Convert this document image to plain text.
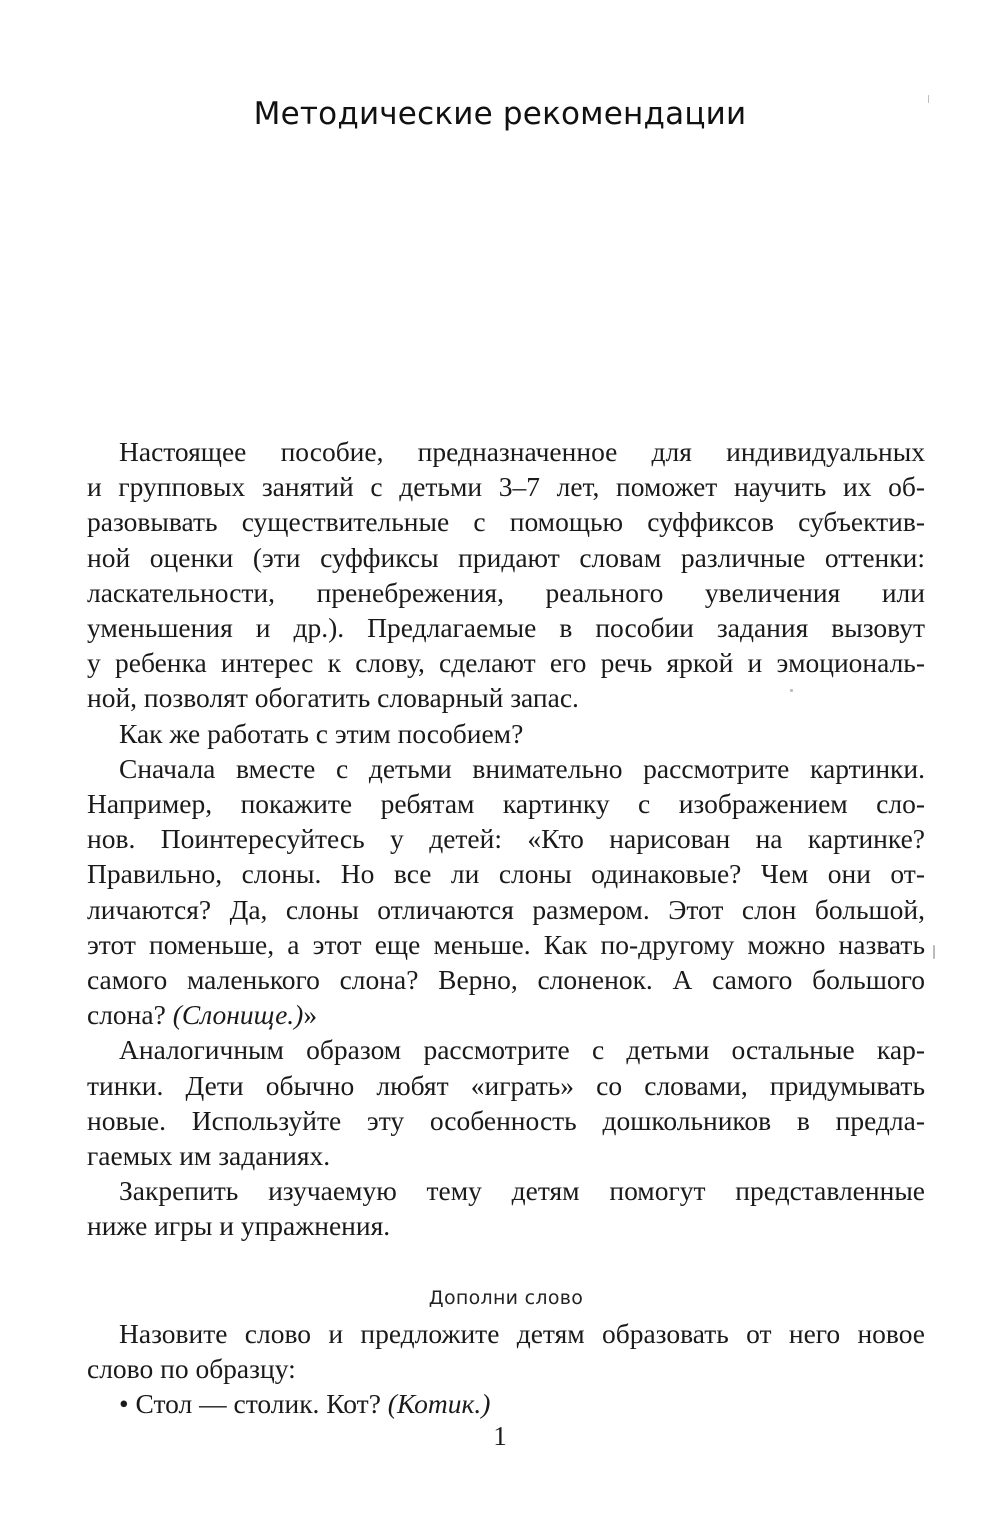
Методические рекомендации
Настоящее пособие, предназначенное для индивидуальных
и групповых занятий с детьми 3–7 лет, поможет научить их об-
разовывать существительные с помощью суффиксов субъектив-
ной оценки (эти суффиксы придают словам различные оттенки:
ласкательности, пренебрежения, реального увеличения или
уменьшения и др.). Предлагаемые в пособии задания вызовут
у ребенка интерес к слову, сделают его речь яркой и эмоциональ-
ной, позволят обогатить словарный запас.
Как же работать с этим пособием?
Сначала вместе с детьми внимательно рассмотрите картинки.
Например, покажите ребятам картинку с изображением сло-
нов. Поинтересуйтесь у детей: «Кто нарисован на картинке?
Правильно, слоны. Но все ли слоны одинаковые? Чем они от-
личаются? Да, слоны отличаются размером. Этот слон большой,
этот поменьше, а этот еще меньше. Как по-другому можно назвать
самого маленького слона? Верно, слоненок. А самого большого
слона? (Слонище.)»
Аналогичным образом рассмотрите с детьми остальные кар-
тинки. Дети обычно любят «играть» со словами, придумывать
новые. Используйте эту особенность дошкольников в предла-
гаемых им заданиях.
Закрепить изучаемую тему детям помогут представленные
ниже игры и упражнения.
Дополни слово
Назовите слово и предложите детям образовать от него новое
слово по образцу:
• Стол — столик. Кот? (Котик.)
1
